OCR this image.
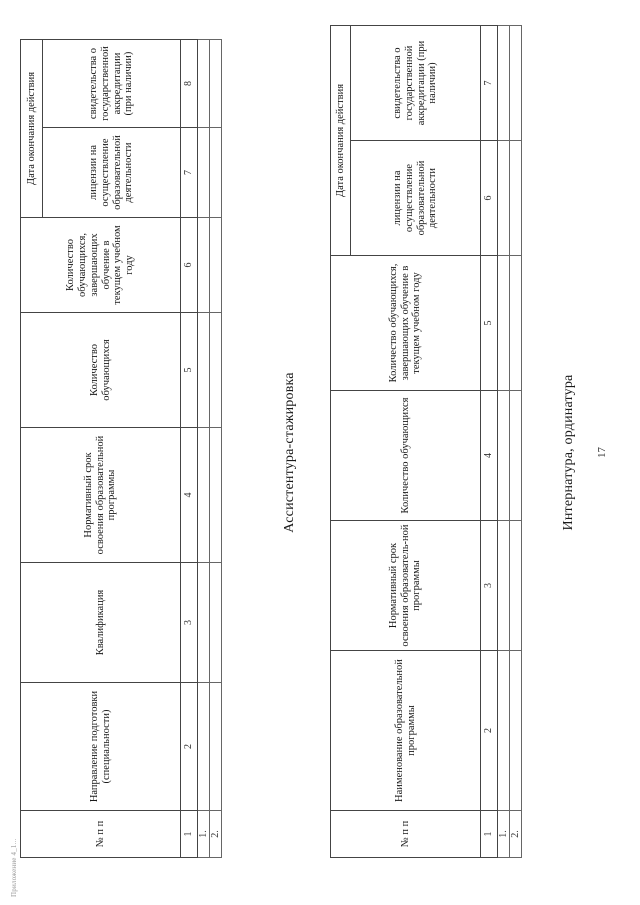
17
Интернатура, ординатура
№ п п	Наименование образовательной программы	Нормативный срок освоения образователь-ной программы	Количество обучающихся	Количество обучающихся, завершающих обучение в текущем учебном году	Дата окончания действия	
					лицензии на осуществление образовательной деятельности	свидетельства о государственной аккредитации (при наличии)
1	2	3	4	5	6	7
1.						
2.						
Ассистентура-стажировка
№ п п	Направление подготовки (специальности)	Квалификация	Нормативный срок освоения образовательной программы	Количество обучающихся	Количество обучающихся, завершающих обучение в текущем учебном году	Дата окончания действия	
						лицензии на осуществление образовательной деятельности	свидетельства о государственной аккредитации (при наличии)
1	2	3	4	5	6	7	8
1.							
2.							
Приложение 4_1...
